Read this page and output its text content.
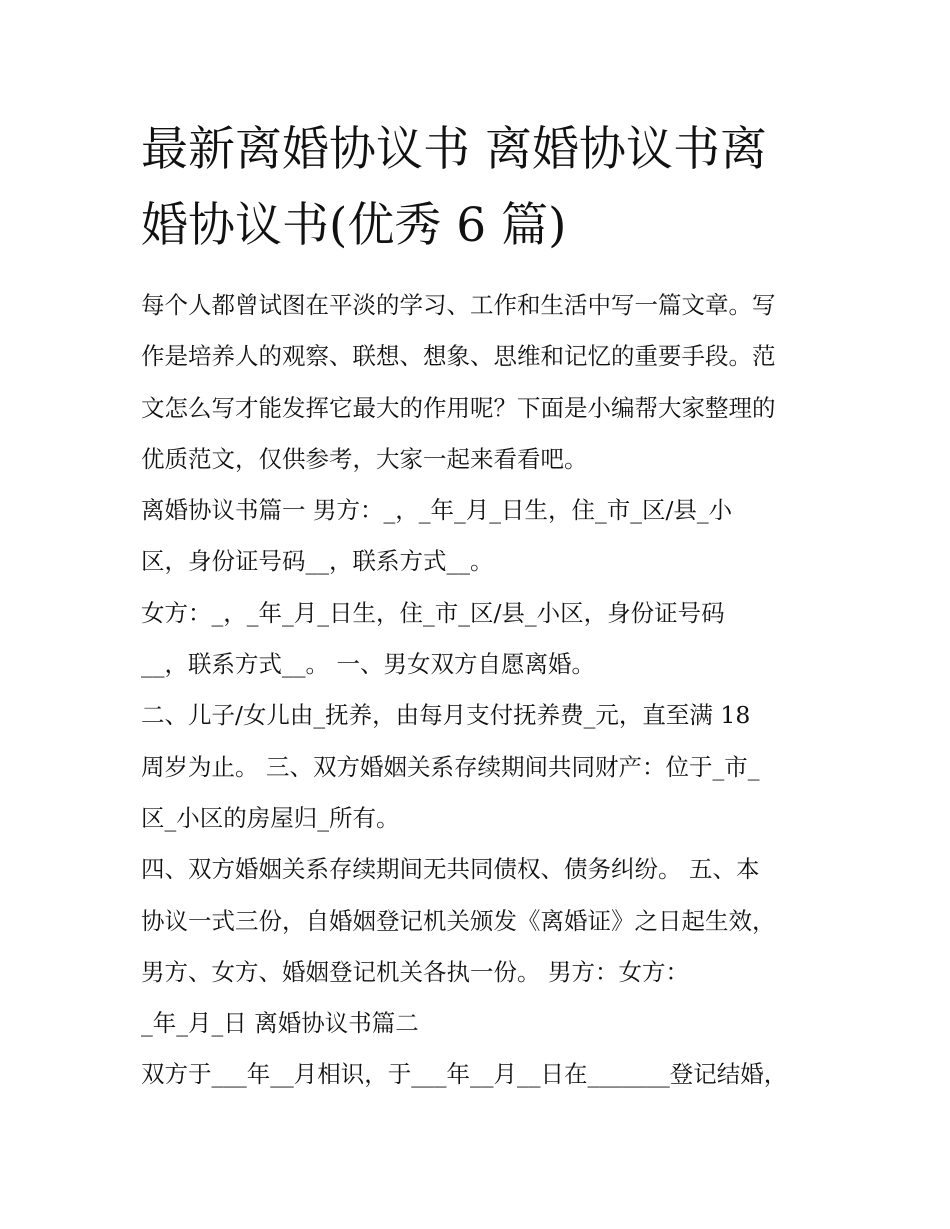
最新离婚协议书 离婚协议书离
婚协议书(优秀 6 篇)
每个人都曾试图在平淡的学习、工作和生活中写一篇文章。写
作是培养人的观察、联想、想象、思维和记忆的重要手段。范
文怎么写才能发挥它最大的作用呢？下面是小编帮大家整理的
优质范文，仅供参考，大家一起来看看吧。
离婚协议书篇一 男方：_，_年_月_日生，住_市_区/县_小
区，身份证号码__，联系方式__。
女方：_，_年_月_日生，住_市_区/县_小区，身份证号码
__，联系方式__。 一、男女双方自愿离婚。
二、儿子/女儿由_抚养，由每月支付抚养费_元，直至满 18
周岁为止。 三、双方婚姻关系存续期间共同财产：位于_市_
区_小区的房屋归_所有。
四、双方婚姻关系存续期间无共同债权、债务纠纷。 五、本
协议一式三份，自婚姻登记机关颁发《离婚证》之日起生效，
男方、女方、婚姻登记机关各执一份。 男方：女方：
_年_月_日 离婚协议书篇二
双方于___年__月相识，于___年__月__日在_______登记结婚，
